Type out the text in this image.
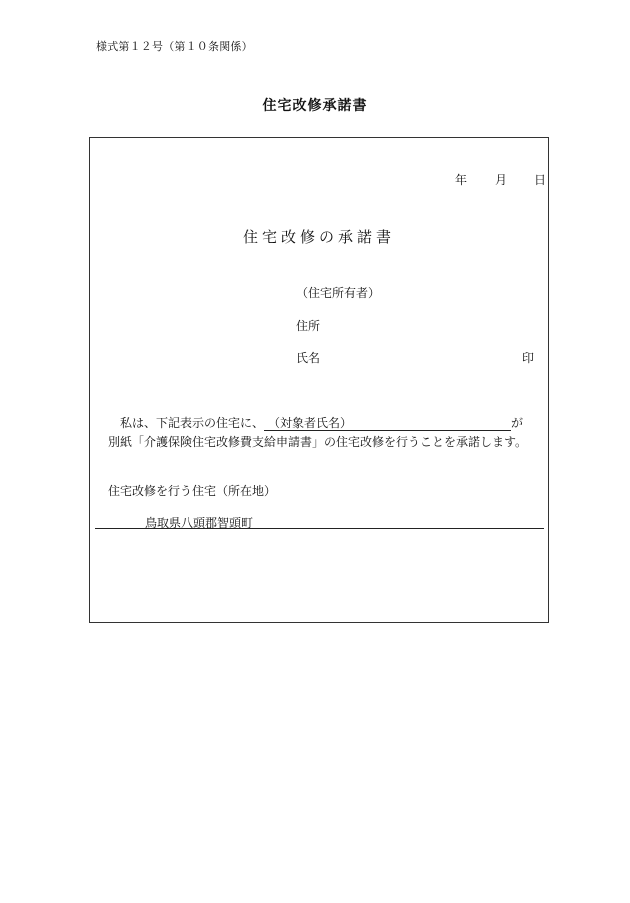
様式第１２号（第１０条関係）
住宅改修承諾書
年 月 日
住宅改修の承諾書
（住宅所有者）
住所
氏名	印
私は、下記表示の住宅に、 （対象者氏名）	が
別紙「介護保険住宅改修費支給申請書」の住宅改修を行うことを承諾します。
住宅改修を行う住宅（所在地）
鳥取県八頭郡智頭町
